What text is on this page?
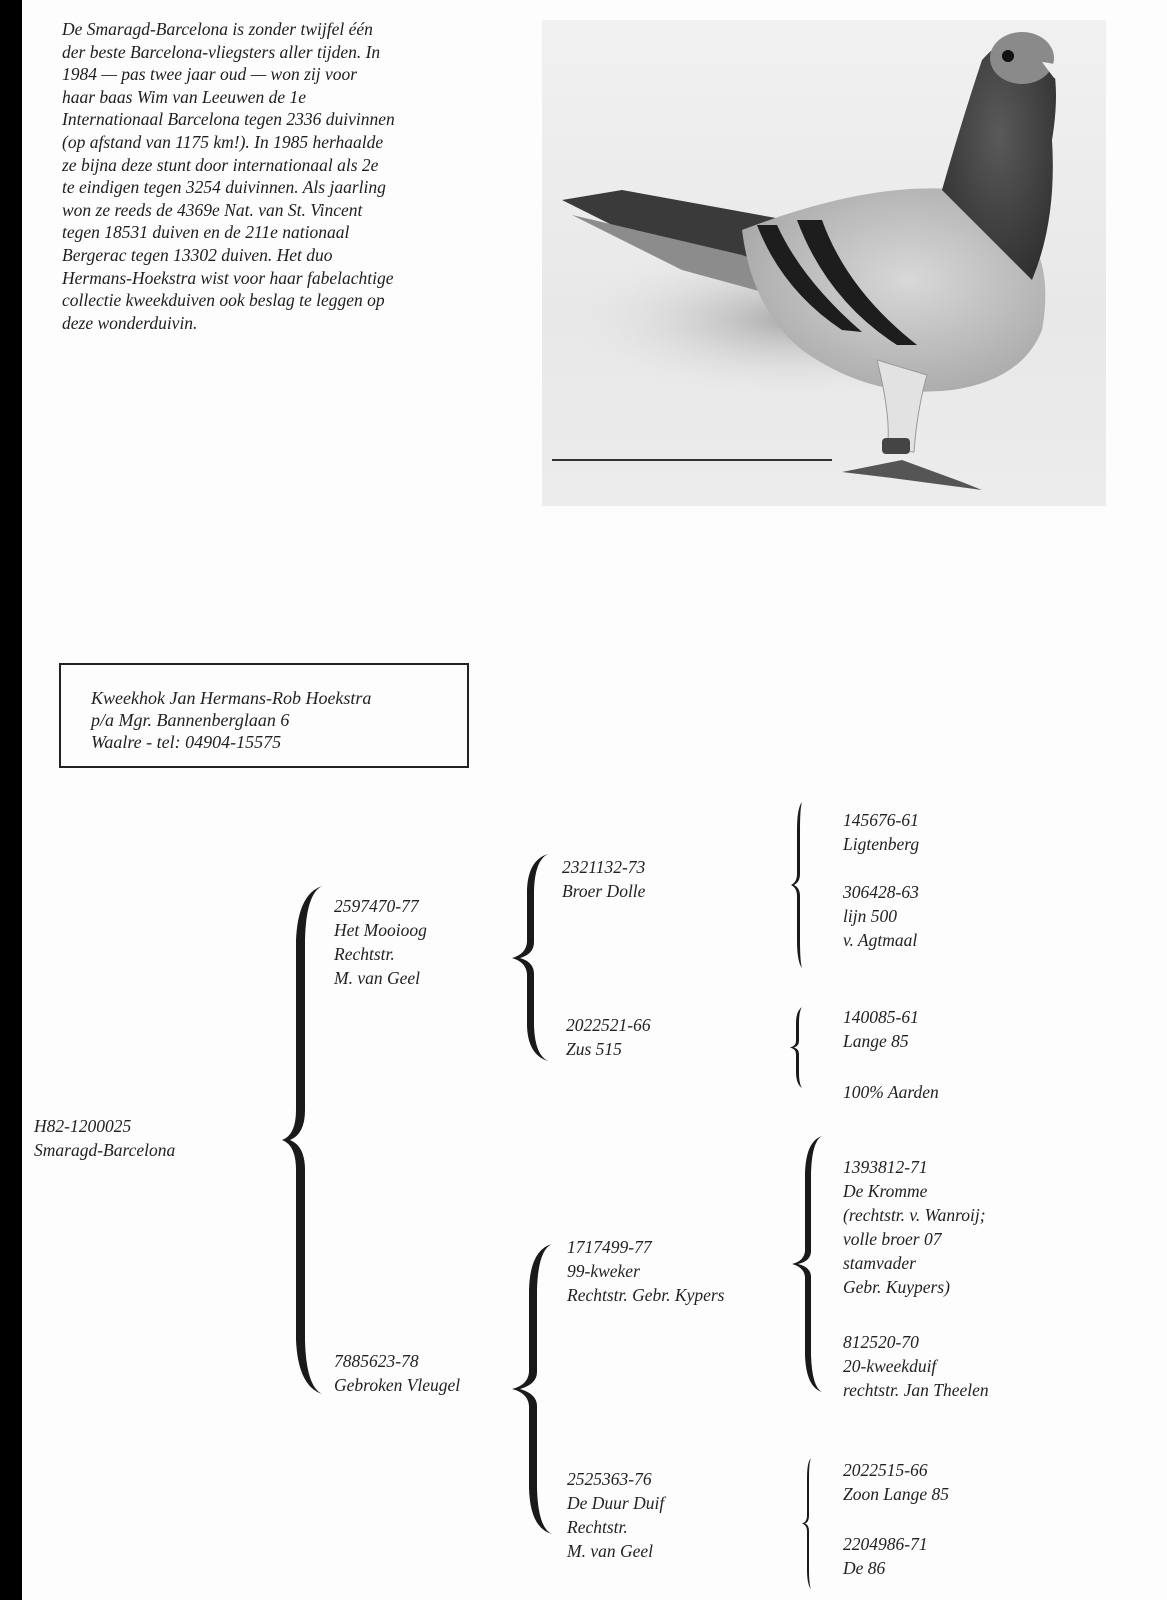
De Smaragd-Barcelona is zonder twijfel één

der beste Barcelona-vliegsters aller tijden. In

1984 — pas twee jaar oud — won zij voor

haar baas Wim van Leeuwen de 1e

Internationaal Barcelona tegen 2336 duivinnen

(op afstand van 1175 km!). In 1985 herhaalde

ze bijna deze stunt door internationaal als 2e

te eindigen tegen 3254 duivinnen. Als jaarling

won ze reeds de 4369e Nat. van St. Vincent

tegen 18531 duiven en de 211e nationaal

Bergerac tegen 13302 duiven. Het duo

Hermans-Hoekstra wist voor haar fabelachtige

collectie kweekduiven ook beslag te leggen op

deze wonderduivin.

Kweekhok Jan Hermans-Rob Hoekstra
p/a Mgr. Bannenberglaan 6
Waalre - tel: 04904-15575
H82-1200025
Smaragd-Barcelona
2597470-77
Het Mooioog
Rechtstr.
M. van Geel
7885623-78
Gebroken Vleugel
2321132-73
Broer Dolle
2022521-66
Zus 515
1717499-77
99-kweker
Rechtstr. Gebr. Kypers
2525363-76
De Duur Duif
Rechtstr.
M. van Geel
145676-61
Ligtenberg
306428-63
lijn 500
v. Agtmaal
140085-61
Lange 85
100% Aarden
1393812-71
De Kromme
(rechtstr. v. Wanroij;
volle broer 07
stamvader
Gebr. Kuypers)
812520-70
20-kweekduif
rechtstr. Jan Theelen
2022515-66
Zoon Lange 85
2204986-71
De 86
